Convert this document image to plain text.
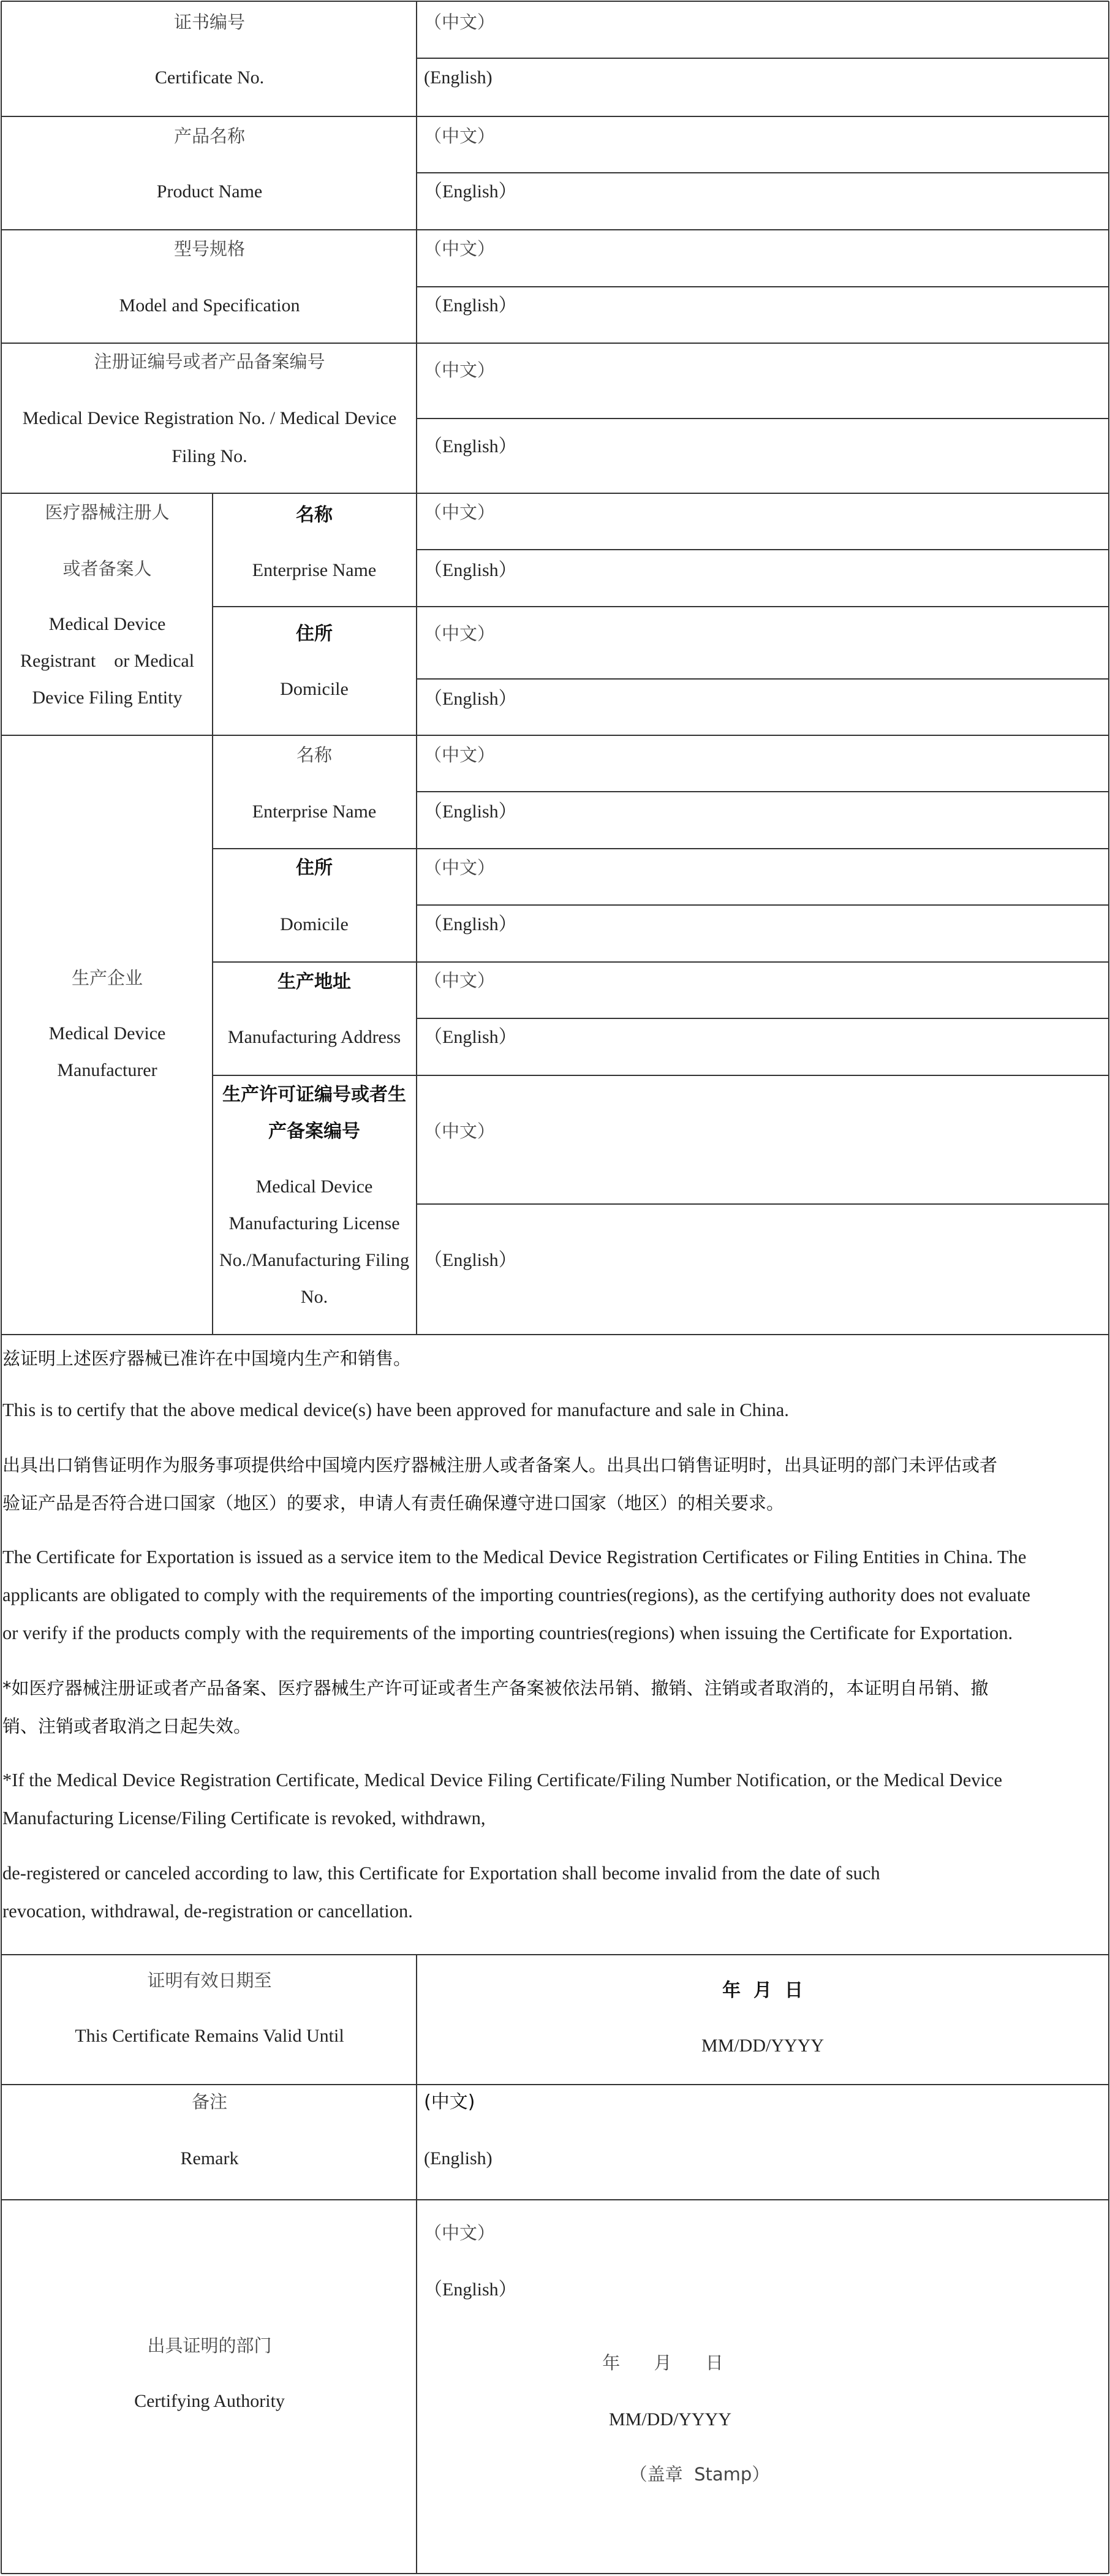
证书编号
Certificate No.
（中文）
(English)
产品名称
Product Name
（中文）
（English）
型号规格
Model and Specification
（中文）
（English）
注册证编号或者产品备案编号
Medical Device Registration No. / Medical Device
Filing No.
（中文）
（English）
医疗器械注册人
或者备案人
Medical Device
Registrant    or Medical
Device Filing Entity
名称
Enterprise Name
（中文）
（English）
住所
Domicile
（中文）
（English）
生产企业
Medical Device
Manufacturer
名称
Enterprise Name
（中文）
（English）
住所
Domicile
（中文）
（English）
生产地址
Manufacturing Address
（中文）
（English）
生产许可证编号或者生
产备案编号
Medical Device
Manufacturing License
No./Manufacturing Filing
No.
（中文）
（English）
兹证明上述医疗器械已准许在中国境内生产和销售。
This is to certify that the above medical device(s) have been approved for manufacture and sale in China.
出具出口销售证明作为服务事项提供给中国境内医疗器械注册人或者备案人。出具出口销售证明时，出具证明的部门未评估或者
验证产品是否符合进口国家（地区）的要求，申请人有责任确保遵守进口国家（地区）的相关要求。
The Certificate for Exportation is issued as a service item to the Medical Device Registration Certificates or Filing Entities in China. The
applicants are obligated to comply with the requirements of the importing countries(regions), as the certifying authority does not evaluate
or verify if the products comply with the requirements of the importing countries(regions) when issuing the Certificate for Exportation.
*如医疗器械注册证或者产品备案、医疗器械生产许可证或者生产备案被依法吊销、撤销、注销或者取消的，本证明自吊销、撤
销、注销或者取消之日起失效。
*If the Medical Device Registration Certificate, Medical Device Filing Certificate/Filing Number Notification, or the Medical Device
Manufacturing License/Filing Certificate is revoked, withdrawn,
de-registered or canceled according to law, this Certificate for Exportation shall become invalid from the date of such
revocation, withdrawal, de-registration or cancellation.
证明有效日期至
This Certificate Remains Valid Until
年  月  日
MM/DD/YYYY
备注
Remark
(中文)
(English)
出具证明的部门
Certifying Authority
（中文）
（English）
年      月      日
MM/DD/YYYY
（盖章  Stamp）
